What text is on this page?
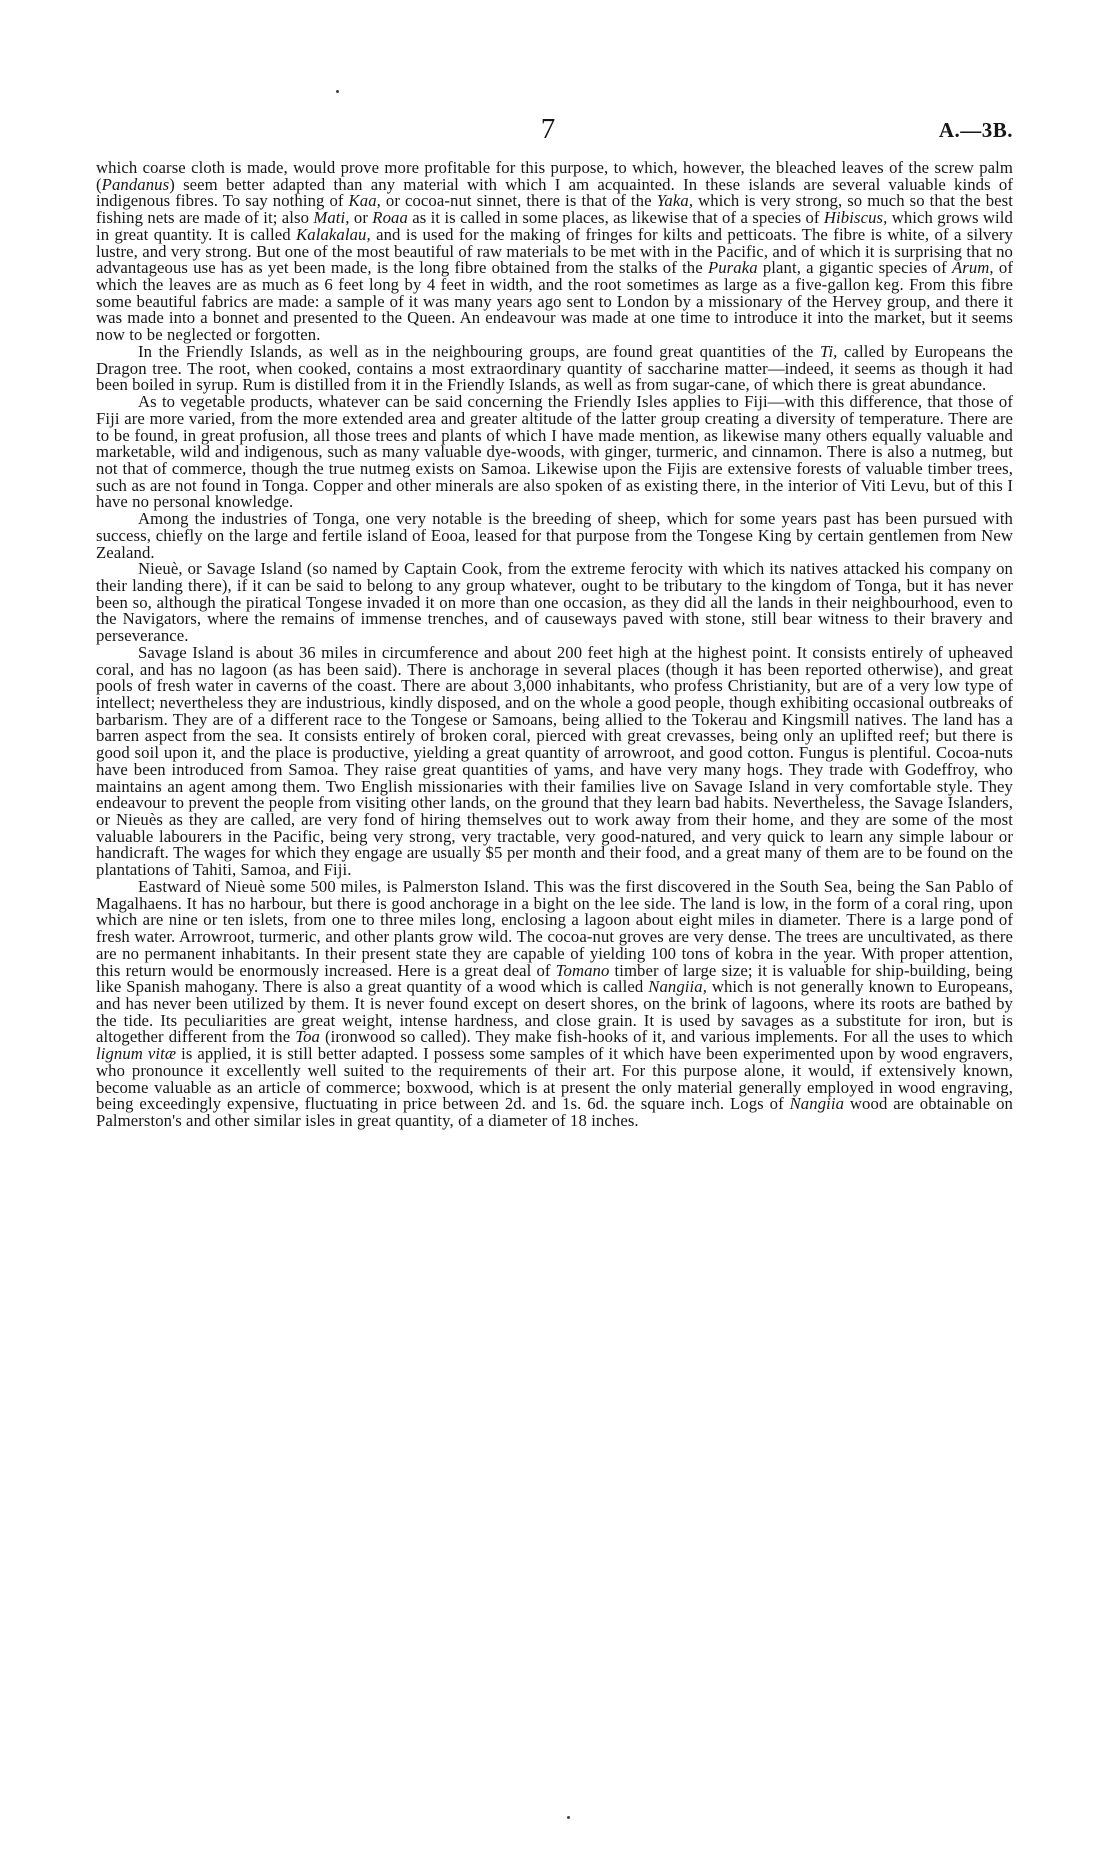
7	A.—3B.

which coarse cloth is made, would prove more profitable for this purpose, to which, however, the bleached leaves of the screw palm (Pandanus) seem better adapted than any material with which I am acquainted. In these islands are several valuable kinds of indigenous fibres. To say nothing of Kaa, or cocoa-nut sinnet, there is that of the Yaka, which is very strong, so much so that the best fishing nets are made of it; also Mati, or Roaa as it is called in some places, as likewise that of a species of Hibiscus, which grows wild in great quantity. It is called Kalakalau, and is used for the making of fringes for kilts and petticoats. The fibre is white, of a silvery lustre, and very strong. But one of the most beautiful of raw materials to be met with in the Pacific, and of which it is surprising that no advantageous use has as yet been made, is the long fibre obtained from the stalks of the Puraka plant, a gigantic species of Arum, of which the leaves are as much as 6 feet long by 4 feet in width, and the root sometimes as large as a five-gallon keg. From this fibre some beautiful fabrics are made: a sample of it was many years ago sent to London by a missionary of the Hervey group, and there it was made into a bonnet and presented to the Queen. An endeavour was made at one time to introduce it into the market, but it seems now to be neglected or forgotten.

In the Friendly Islands, as well as in the neighbouring groups, are found great quantities of the Ti, called by Europeans the Dragon tree. The root, when cooked, contains a most extraordinary quantity of saccharine matter—indeed, it seems as though it had been boiled in syrup. Rum is distilled from it in the Friendly Islands, as well as from sugar-cane, of which there is great abundance.

As to vegetable products, whatever can be said concerning the Friendly Isles applies to Fiji—with this difference, that those of Fiji are more varied, from the more extended area and greater altitude of the latter group creating a diversity of temperature. There are to be found, in great profusion, all those trees and plants of which I have made mention, as likewise many others equally valuable and marketable, wild and indigenous, such as many valuable dye-woods, with ginger, turmeric, and cinnamon. There is also a nutmeg, but not that of commerce, though the true nutmeg exists on Samoa. Likewise upon the Fijis are extensive forests of valuable timber trees, such as are not found in Tonga. Copper and other minerals are also spoken of as existing there, in the interior of Viti Levu, but of this I have no personal knowledge.

Among the industries of Tonga, one very notable is the breeding of sheep, which for some years past has been pursued with success, chiefly on the large and fertile island of Eooa, leased for that purpose from the Tongese King by certain gentlemen from New Zealand.

Nieuè, or Savage Island (so named by Captain Cook, from the extreme ferocity with which its natives attacked his company on their landing there), if it can be said to belong to any group whatever, ought to be tributary to the kingdom of Tonga, but it has never been so, although the piratical Tongese invaded it on more than one occasion, as they did all the lands in their neighbourhood, even to the Navigators, where the remains of immense trenches, and of causeways paved with stone, still bear witness to their bravery and perseverance.

Savage Island is about 36 miles in circumference and about 200 feet high at the highest point. It consists entirely of upheaved coral, and has no lagoon (as has been said). There is anchorage in several places (though it has been reported otherwise), and great pools of fresh water in caverns of the coast. There are about 3,000 inhabitants, who profess Christianity, but are of a very low type of intellect; nevertheless they are industrious, kindly disposed, and on the whole a good people, though exhibiting occasional outbreaks of barbarism. They are of a different race to the Tongese or Samoans, being allied to the Tokerau and Kingsmill natives. The land has a barren aspect from the sea. It consists entirely of broken coral, pierced with great crevasses, being only an uplifted reef; but there is good soil upon it, and the place is productive, yielding a great quantity of arrowroot, and good cotton. Fungus is plentiful. Cocoa-nuts have been introduced from Samoa. They raise great quantities of yams, and have very many hogs. They trade with Godeffroy, who maintains an agent among them. Two English missionaries with their families live on Savage Island in very comfortable style. They endeavour to prevent the people from visiting other lands, on the ground that they learn bad habits. Nevertheless, the Savage Islanders, or Nieuès as they are called, are very fond of hiring themselves out to work away from their home, and they are some of the most valuable labourers in the Pacific, being very strong, very tractable, very good-natured, and very quick to learn any simple labour or handicraft. The wages for which they engage are usually $5 per month and their food, and a great many of them are to be found on the plantations of Tahiti, Samoa, and Fiji.

Eastward of Nieuè some 500 miles, is Palmerston Island. This was the first discovered in the South Sea, being the San Pablo of Magalhaens. It has no harbour, but there is good anchorage in a bight on the lee side. The land is low, in the form of a coral ring, upon which are nine or ten islets, from one to three miles long, enclosing a lagoon about eight miles in diameter. There is a large pond of fresh water. Arrowroot, turmeric, and other plants grow wild. The cocoa-nut groves are very dense. The trees are uncultivated, as there are no permanent inhabitants. In their present state they are capable of yielding 100 tons of kobra in the year. With proper attention, this return would be enormously increased. Here is a great deal of Tomano timber of large size; it is valuable for ship-building, being like Spanish mahogany. There is also a great quantity of a wood which is called Nangiia, which is not generally known to Europeans, and has never been utilized by them. It is never found except on desert shores, on the brink of lagoons, where its roots are bathed by the tide. Its peculiarities are great weight, intense hardness, and close grain. It is used by savages as a substitute for iron, but is altogether different from the Toa (ironwood so called). They make fish-hooks of it, and various implements. For all the uses to which lignum vitæ is applied, it is still better adapted. I possess some samples of it which have been experimented upon by wood engravers, who pronounce it excellently well suited to the requirements of their art. For this purpose alone, it would, if extensively known, become valuable as an article of commerce; boxwood, which is at present the only material generally employed in wood engraving, being exceedingly expensive, fluctuating in price between 2d. and 1s. 6d. the square inch. Logs of Nangiia wood are obtainable on Palmerston's and other similar isles in great quantity, of a diameter of 18 inches.
